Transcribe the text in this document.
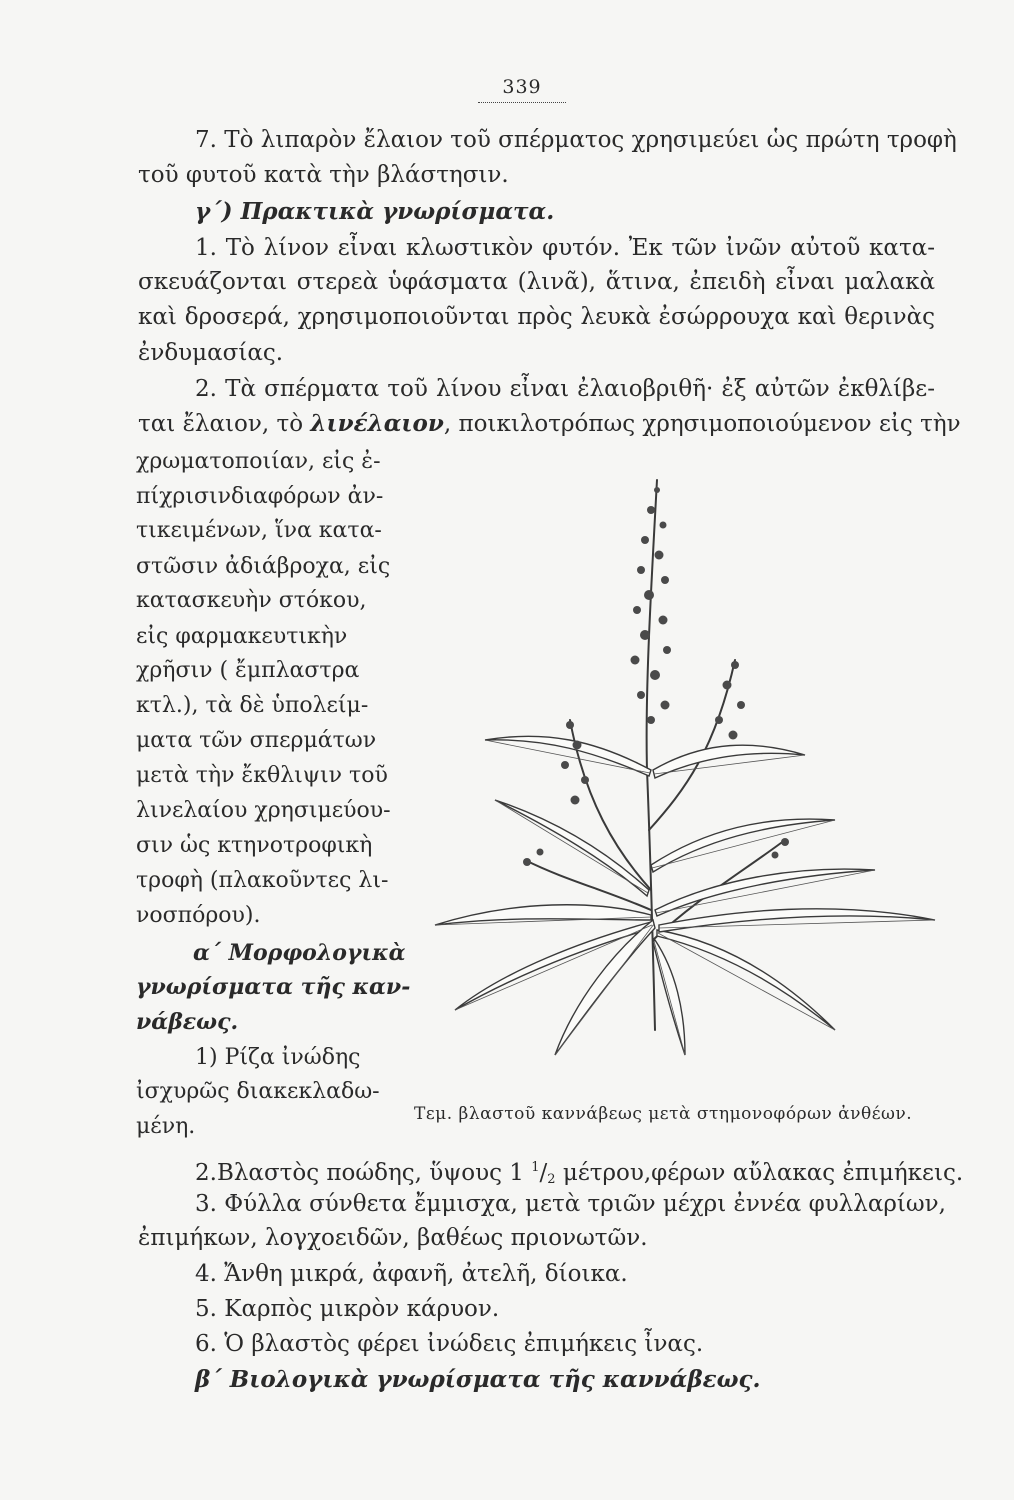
339
7. Τὸ λιπαρὸν ἔλαιον τοῦ σπέρματος χρησιμεύει ὡς πρώτη τροφὴ
τοῦ φυτοῦ κατὰ τὴν βλάστησιν.
γ΄) Πρακτικὰ γνωρίσματα.
1. Τὸ λίνον εἶναι κλωστικὸν φυτόν. Ἐκ τῶν ἰνῶν αὐτοῦ κατα-
σκευάζονται στερεὰ ὑφάσματα (λινᾶ), ἅτινα, ἐπειδὴ εἶναι μαλακὰ
καὶ δροσερά, χρησιμοποιοῦνται πρὸς λευκὰ ἐσώρρουχα καὶ θερινὰς
ἐνδυμασίας.
2. Τὰ σπέρματα τοῦ λίνου εἶναι ἐλαιοβριθῆ· ἐξ αὐτῶν ἐκθλίβε-
ται ἔλαιον, τὸ λινέλαιον, ποικιλοτρόπως χρησιμοποιούμενον εἰς τὴν
χρωματοποιίαν, εἰς ἐ-
πίχρισινδιαφόρων ἀν-
τικειμένων, ἵνα κατα-
στῶσιν ἀδιάβροχα, εἰς
κατασκευὴν στόκου,
εἰς φαρμακευτικὴν
χρῆσιν ( ἔμπλαστρα
κτλ.), τὰ δὲ ὑπολείμ-
ματα τῶν σπερμάτων
μετὰ τὴν ἔκθλιψιν τοῦ
λινελαίου χρησιμεύου-
σιν ὡς κτηνοτροφικὴ
τροφὴ (πλακοῦντες λι-
νοσπόρου).
α΄ Μορφολογικὰ
γνωρίσματα τῆς καν-
νάβεως.
1) Ρίζα ἰνώδης
ἰσχυρῶς διακεκλαδω-
μένη.	Τεμ. βλαστοῦ καννάβεως μετὰ στημονοφόρων ἀνθέων.
2.Βλαστὸς ποώδης, ὕψους 1 $^1/_2$ μέτρου,φέρων αὔλακας ἐπιμήκεις.
3. Φύλλα σύνθετα ἔμμισχα, μετὰ τριῶν μέχρι ἐννέα φυλλαρίων,
ἐπιμήκων, λογχοειδῶν, βαθέως πριονωτῶν.
4. Ἄνθη μικρά, ἀφανῆ, ἀτελῆ, δίοικα.
5. Καρπὸς μικρὸν κάρυον.
6. Ὁ βλαστὸς φέρει ἰνώδεις ἐπιμήκεις ἶνας.
β΄ Βιολογικὰ γνωρίσματα τῆς καννάβεως.
